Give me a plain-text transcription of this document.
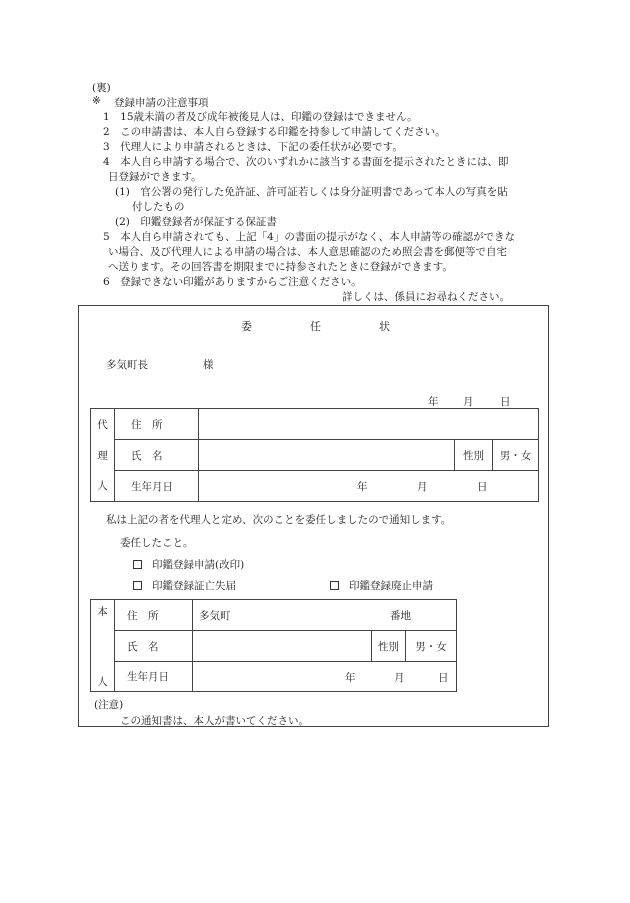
(裏)
※ 登録申請の注意事項
1　15歳未満の者及び成年被後見人は、印鑑の登録はできません。
2　この申請書は、本人自ら登録する印鑑を持参して申請してください。
3　代理人により申請されるときは、下記の委任状が必要です。
4　本人自ら申請する場合で、次のいずれかに該当する書面を提示されたときには、即
日登録ができます。
(1)　官公署の発行した免許証、許可証若しくは身分証明書であって本人の写真を貼
付したもの
(2)　印鑑登録者が保証する保証書
5　本人自ら申請されても、上記「4」の書面の提示がなく、本人申請等の確認ができな
い場合、及び代理人による申請の場合は、本人意思確認のため照会書を郵便等で自宅
へ送ります。その回答書を期限までに持参されたときに登録ができます。
6　登録できない印鑑がありますからご注意ください。
詳しくは、係員にお尋ねください。
委	任	状
多気町長	様
年 月	日
代	住　所			
理	氏　名		性別	男・女
人	生年月日	年 月 日		
私は上記の者を代理人と定め、次のことを委任しましたので通知します。
委任したこと。
印鑑登録申請(改印)
印鑑登録証亡失届	印鑑登録廃止申請
本	住　所	多気町 番地		

	氏　名		性別	男・女
人	生年月日	年 月 日		
(注意)
この通知書は、本人が書いてください。
